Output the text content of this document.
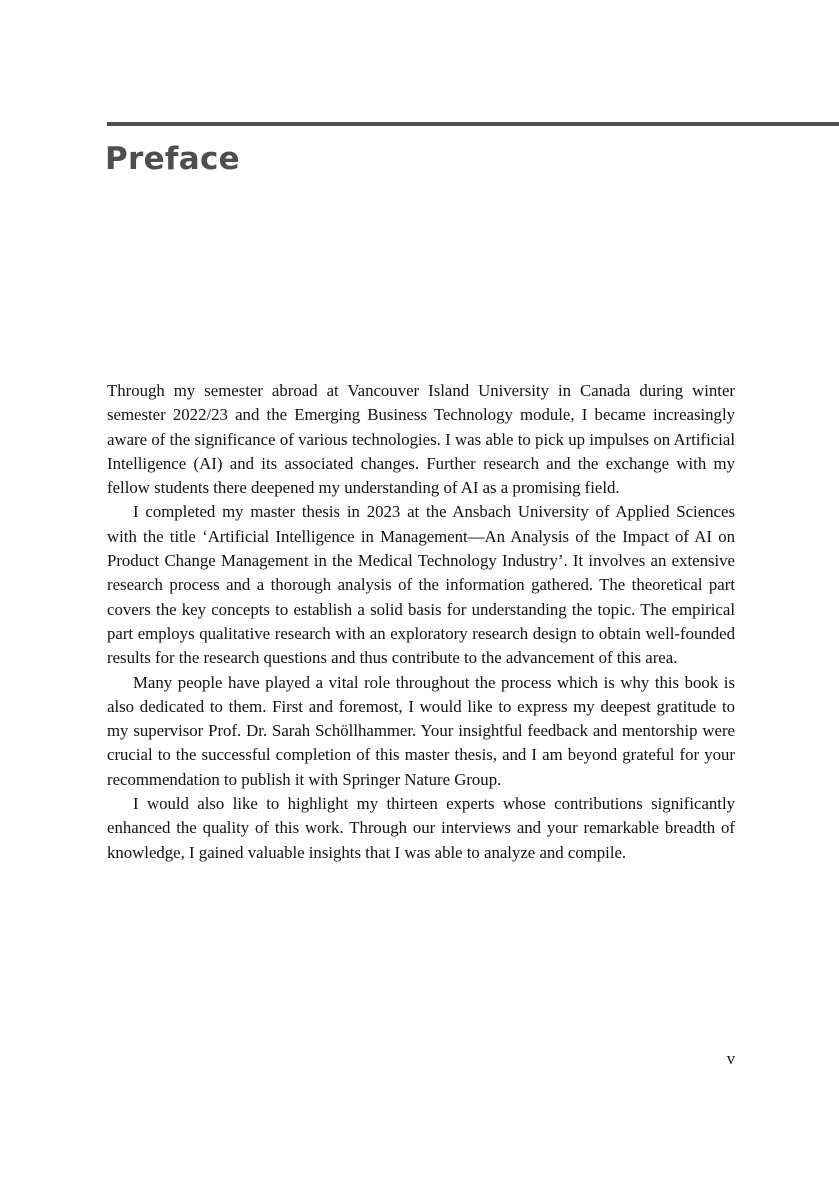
Preface

Through my semester abroad at Vancouver Island University in Canada during winter semester 2022/23 and the Emerging Business Technology module, I became increasingly aware of the significance of various technologies. I was able to pick up impulses on Artificial Intelligence (AI) and its associated changes. Further research and the exchange with my fellow students there deepened my understanding of AI as a promising field.

I completed my master thesis in 2023 at the Ansbach University of Applied Sciences with the title ‘Artificial Intelligence in Management—An Analysis of the Impact of AI on Product Change Management in the Medical Technology Industry’. It involves an extensive research process and a thorough analysis of the information gathered. The theoretical part covers the key concepts to establish a solid basis for understanding the topic. The empirical part employs qualitative research with an exploratory research design to obtain well-founded results for the research questions and thus contribute to the advancement of this area.

Many people have played a vital role throughout the process which is why this book is also dedicated to them. First and foremost, I would like to express my deepest gratitude to my supervisor Prof. Dr. Sarah Schöllhammer. Your insightful feedback and mentorship were crucial to the successful completion of this master thesis, and I am beyond grateful for your recommendation to publish it with Springer Nature Group.

I would also like to highlight my thirteen experts whose contributions significantly enhanced the quality of this work. Through our interviews and your remarkable breadth of knowledge, I gained valuable insights that I was able to analyze and compile.

v
